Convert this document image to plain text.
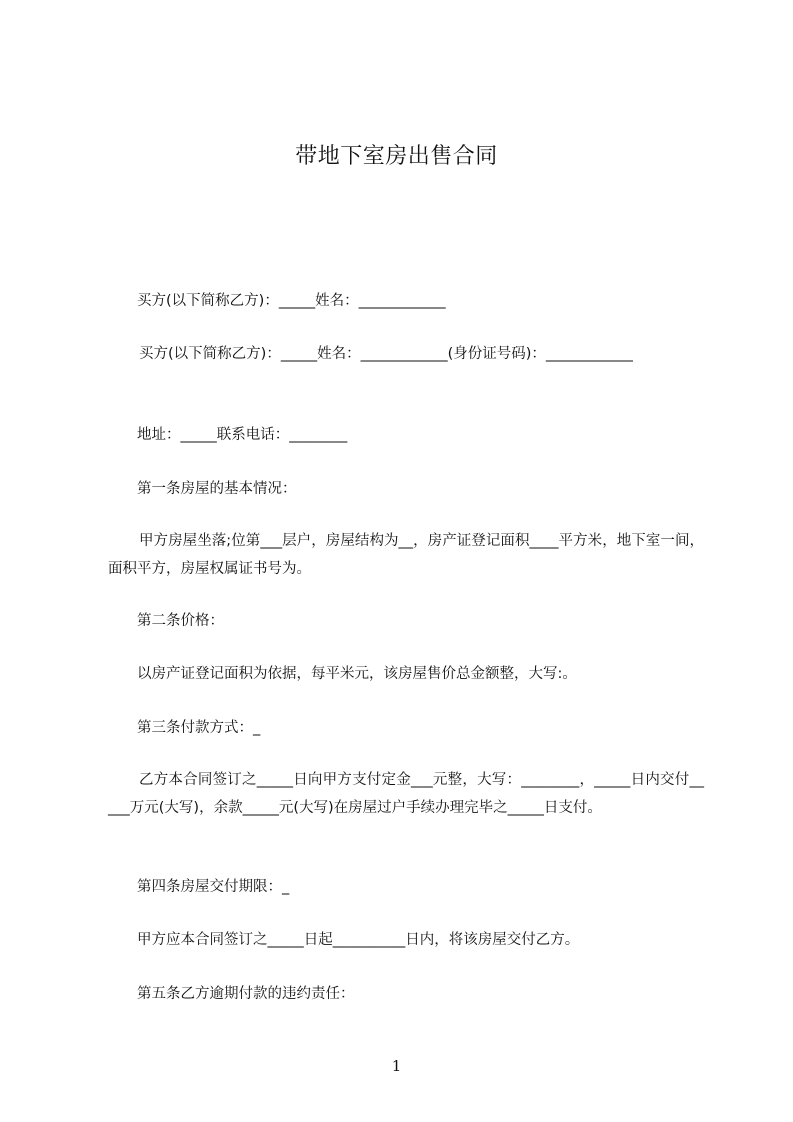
带地下室房出售合同
买方(以下简称乙方)：_____姓名：____________
买方(以下简称乙方)：_____姓名：____________(身份证号码)：____________
地址：_____联系电话：________
第一条房屋的基本情况：
甲方房屋坐落;位第___层户，房屋结构为__，房产证登记面积____平方米，地下室一间，面积平方，房屋权属证书号为。
第二条价格：
以房产证登记面积为依据，每平米元，该房屋售价总金额整，大写:。
第三条付款方式：_
乙方本合同签订之_____日向甲方支付定金___元整，大写：________，_____日内交付_____万元(大写)，余款_____元(大写)在房屋过户手续办理完毕之_____日支付。
第四条房屋交付期限：_
甲方应本合同签订之_____日起__________日内，将该房屋交付乙方。
第五条乙方逾期付款的违约责任：
1
